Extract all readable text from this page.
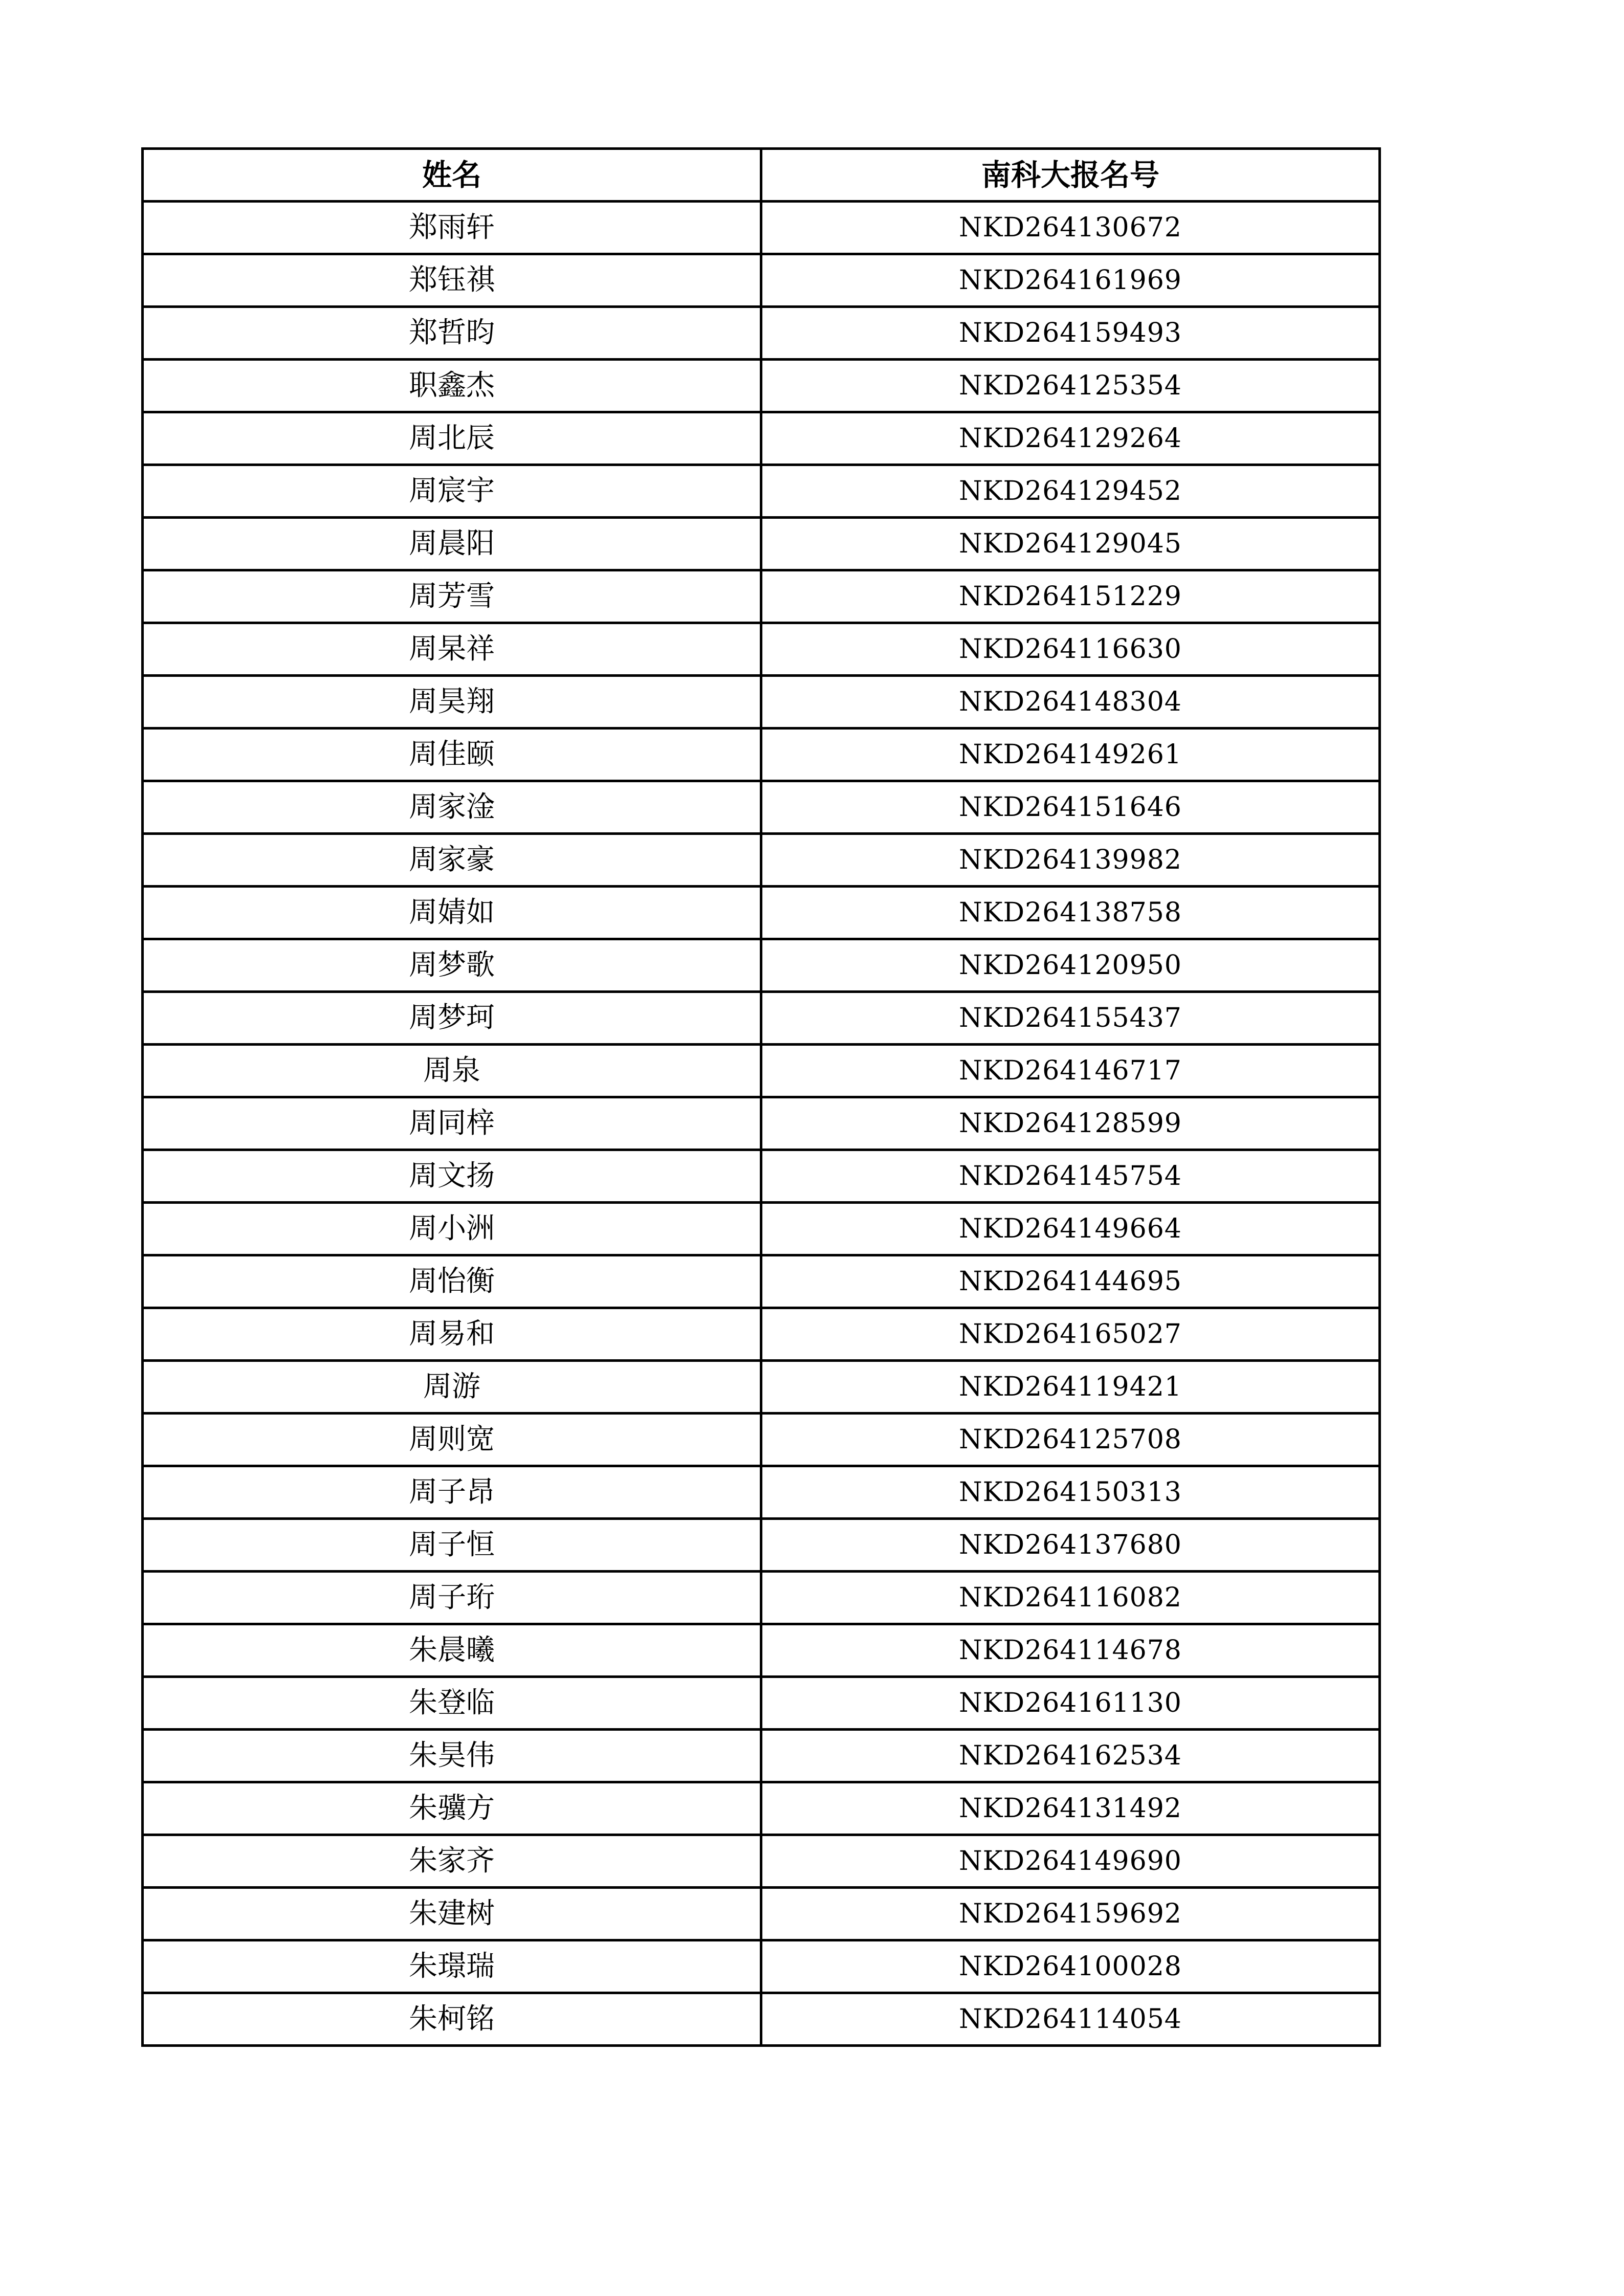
姓名	南科大报名号
郑雨轩	NKD264130672
郑钰祺	NKD264161969
郑哲昀	NKD264159493
职鑫杰	NKD264125354
周北辰	NKD264129264
周宸宇	NKD264129452
周晨阳	NKD264129045
周芳雪	NKD264151229
周杲祥	NKD264116630
周昊翔	NKD264148304
周佳颐	NKD264149261
周家淦	NKD264151646
周家豪	NKD264139982
周婧如	NKD264138758
周梦歌	NKD264120950
周梦珂	NKD264155437
周泉	NKD264146717
周同梓	NKD264128599
周文扬	NKD264145754
周小洲	NKD264149664
周怡衡	NKD264144695
周易和	NKD264165027
周游	NKD264119421
周则宽	NKD264125708
周子昂	NKD264150313
周子恒	NKD264137680
周子珩	NKD264116082
朱晨曦	NKD264114678
朱登临	NKD264161130
朱昊伟	NKD264162534
朱骥方	NKD264131492
朱家齐	NKD264149690
朱建树	NKD264159692
朱璟瑞	NKD264100028
朱柯铭	NKD264114054
